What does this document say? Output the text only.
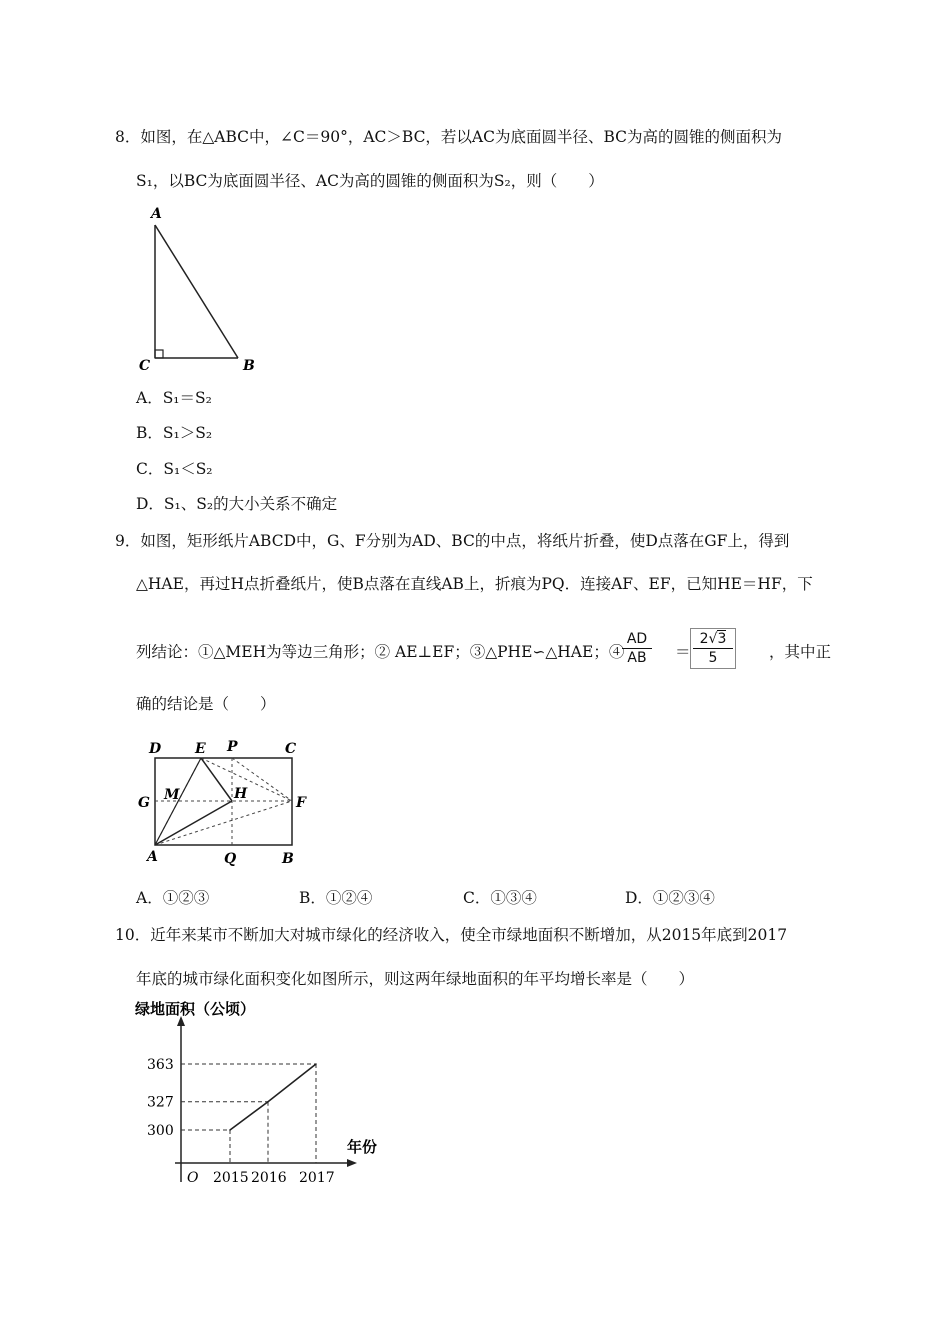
8．如图，在△ABC中，∠C＝90°，AC＞BC，若以AC为底面圆半径、BC为高的圆锥的侧面积为
S₁，以BC为底面圆半径、AC为高的圆锥的侧面积为S₂，则（　　）
A
C	B
A．S₁＝S₂
B．S₁＞S₂
C．S₁＜S₂
D．S₁、S₂的大小关系不确定
9．如图，矩形纸片ABCD中，G、F分别为AD、BC的中点，将纸片折叠，使D点落在GF上，得到
△HAE，再过H点折叠纸片，使B点落在直线AB上，折痕为PQ．连接AF、EF，已知HE＝HF，下
列结论：①△MEH为等边三角形；② AE⊥EF；③△PHE∽△HAE；④
$\frac{AD}{AB} = \frac{2√3}{5}$ ，其中正
确的结论是（　　）
D E P	C
G M	H
F
A	Q	B
A．①②③	B．①②④	C．①③④	D．①②③④
10．近年来某市不断加大对城市绿化的经济收入，使全市绿地面积不断增加，从2015年底到2017
年底的城市绿化面积变化如图所示，则这两年绿地面积的年平均增长率是（　　）
绿地面积（公顷）
年份
O
300
2015
327
2016
363
2017
